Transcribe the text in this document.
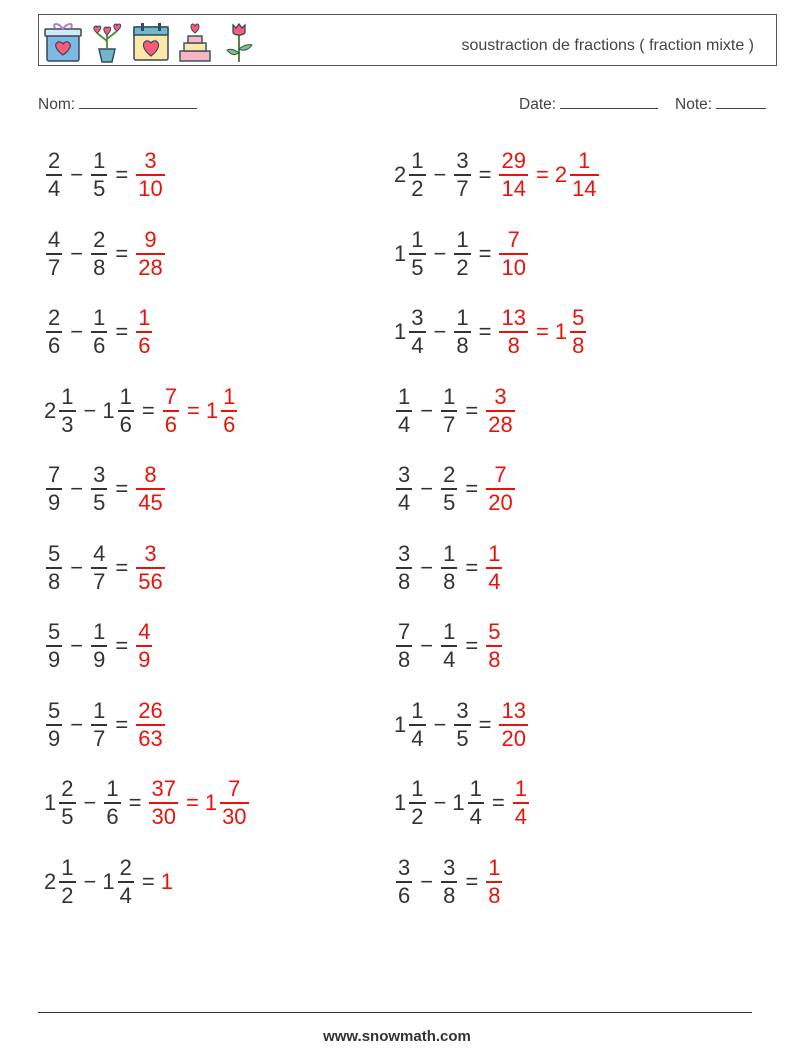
soustraction de fractions ( fraction mixte )
Nom:	Date:	Note:
$\frac{2}{4} - \frac{1}{5} = \frac{3}{10}$	$2 \frac{1}{2} - \frac{3}{7} = \frac{29}{14} = 2 \frac{1}{14}$
$\frac{4}{7} - \frac{2}{8} = \frac{9}{28}$	$1 \frac{1}{5} - \frac{1}{2} = \frac{7}{10}$
$\frac{2}{6} - \frac{1}{6} = \frac{1}{6}$	$1 \frac{3}{4} - \frac{1}{8} = \frac{13}{8} = 1 \frac{5}{8}$
$2 \frac{1}{3} - 1 \frac{1}{6} = \frac{7}{6} = 1 \frac{1}{6}$	$\frac{1}{4} - \frac{1}{7} = \frac{3}{28}$
$\frac{7}{9} - \frac{3}{5} = \frac{8}{45}$	$\frac{3}{4} - \frac{2}{5} = \frac{7}{20}$
$\frac{5}{8} - \frac{4}{7} = \frac{3}{56}$	$\frac{3}{8} - \frac{1}{8} = \frac{1}{4}$
$\frac{5}{9} - \frac{1}{9} = \frac{4}{9}$	$\frac{7}{8} - \frac{1}{4} = \frac{5}{8}$
$\frac{5}{9} - \frac{1}{7} = \frac{26}{63}$	$1 \frac{1}{4} - \frac{3}{5} = \frac{13}{20}$
$1 \frac{2}{5} - \frac{1}{6} = \frac{37}{30} = 1 \frac{7}{30}$	$1 \frac{1}{2} - 1 \frac{1}{4} = \frac{1}{4}$
$2 \frac{1}{2} - 1 \frac{2}{4} = 1$	$\frac{3}{6} - \frac{3}{8} = \frac{1}{8}$
www.snowmath.com
